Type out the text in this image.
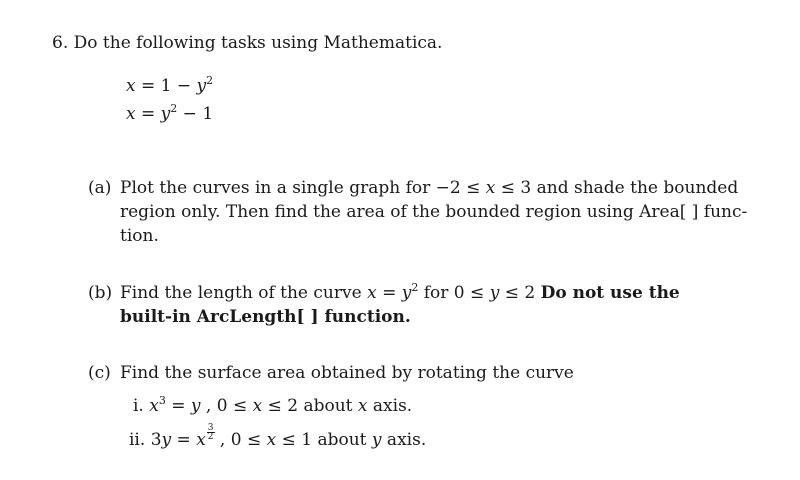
6. Do the following tasks using Mathematica.
$x = 1 - y^2$
$x = y^2 - 1$
(a) Plot the curves in a single graph for −2 ≤ x ≤ 3 and shade the bounded
region only. Then find the area of the bounded region using Area[ ] func-
tion.
(b) Find the length of the curve $x = y^2$ for 0 ≤ y ≤ 2 Do not use the
built-in ArcLength[ ] function.
(c) Find the surface area obtained by rotating the curve
i. $x^3 = y$ , 0 ≤ x ≤ 2 about x axis.
ii. 3y = x $\frac{3}{2}$ , 0 ≤ x ≤ 1 about y axis.
